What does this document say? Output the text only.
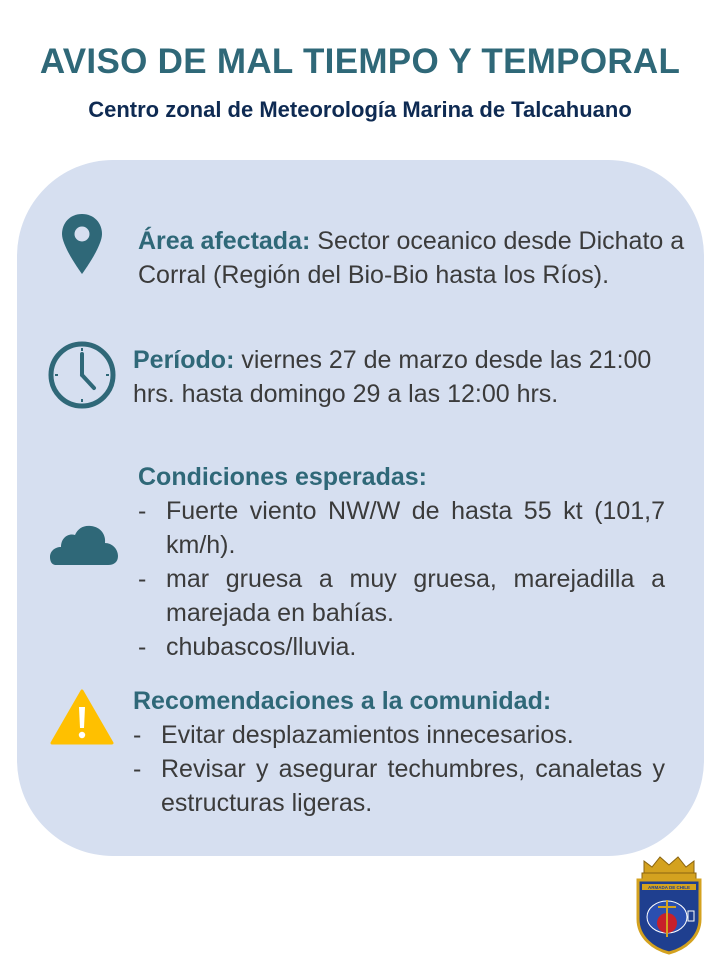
AVISO DE MAL TIEMPO Y TEMPORAL
Centro zonal de Meteorología Marina de Talcahuano
Área afectada: Sector oceanico desde Dichato a Corral (Región del Bio-Bio hasta los Ríos).
Período: viernes 27 de marzo desde las 21:00 hrs. hasta domingo 29 a las 12:00 hrs.
Condiciones esperadas:
- Fuerte viento NW/W de hasta 55 kt (101,7 km/h).
- mar gruesa a muy gruesa, marejadilla a marejada en bahías.
- chubascos/lluvia.
Recomendaciones a la comunidad:
- Evitar desplazamientos innecesarios.
- Revisar y asegurar techumbres, canaletas y estructuras ligeras.
ARMADA DE CHILE
